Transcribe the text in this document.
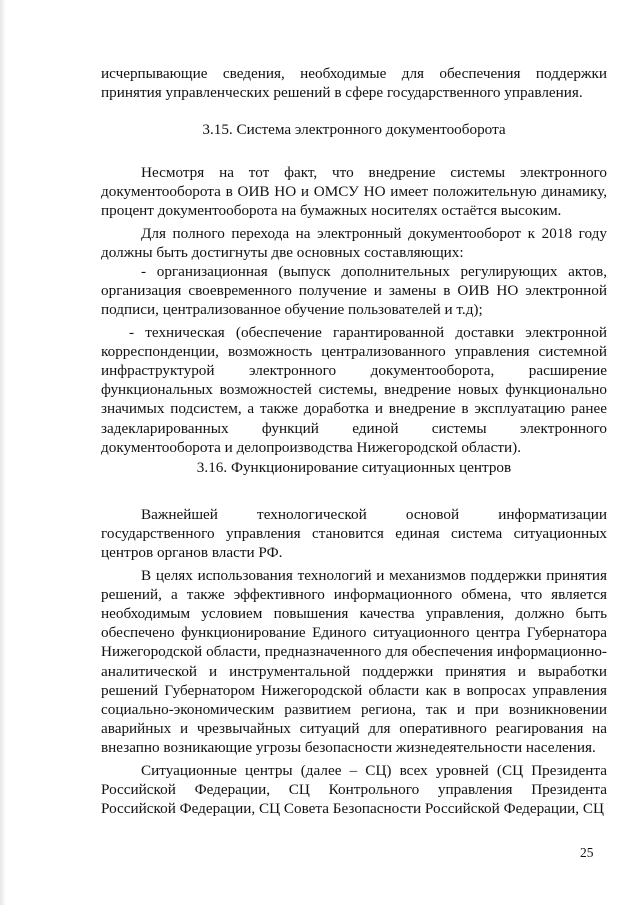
исчерпывающие сведения, необходимые для обеспечения поддержки принятия управленческих решений в сфере государственного управления.

3.15. Система электронного документооборота

Несмотря на тот факт, что внедрение системы электронного документооборота в ОИВ НО и ОМСУ НО имеет положительную динамику, процент документооборота на бумажных носителях остаётся высоким.

Для полного перехода на электронный документооборот к 2018 году должны быть достигнуты две основных составляющих:

- организационная (выпуск дополнительных регулирующих актов, организация своевременного получение и замены в ОИВ НО электронной подписи, централизованное обучение пользователей и т.д);

- техническая (обеспечение гарантированной доставки электронной корреспонденции, возможность централизованного управления системной инфраструктурой электронного документооборота, расширение функциональных возможностей системы, внедрение новых функционально значимых подсистем, а также доработка и внедрение в эксплуатацию ранее задекларированных функций единой системы электронного документооборота и делопроизводства Нижегородской области).

3.16. Функционирование ситуационных центров

Важнейшей технологической основой информатизации государственного управления становится единая система ситуационных центров органов власти РФ.

В целях использования технологий и механизмов поддержки принятия решений, а также эффективного информационного обмена, что является необходимым условием повышения качества управления, должно быть обеспечено функционирование Единого ситуационного центра Губернатора Нижегородской области, предназначенного для обеспечения информационно-аналитической и инструментальной поддержки принятия и выработки решений Губернатором Нижегородской области как в вопросах управления социально-экономическим развитием региона, так и при возникновении аварийных и чрезвычайных ситуаций для оперативного реагирования на внезапно возникающие угрозы безопасности жизнедеятельности населения.

Ситуационные центры (далее – СЦ) всех уровней (СЦ Президента Российской Федерации, СЦ Контрольного управления Президента Российской Федерации, СЦ Совета Безопасности Российской Федерации, СЦ

25
